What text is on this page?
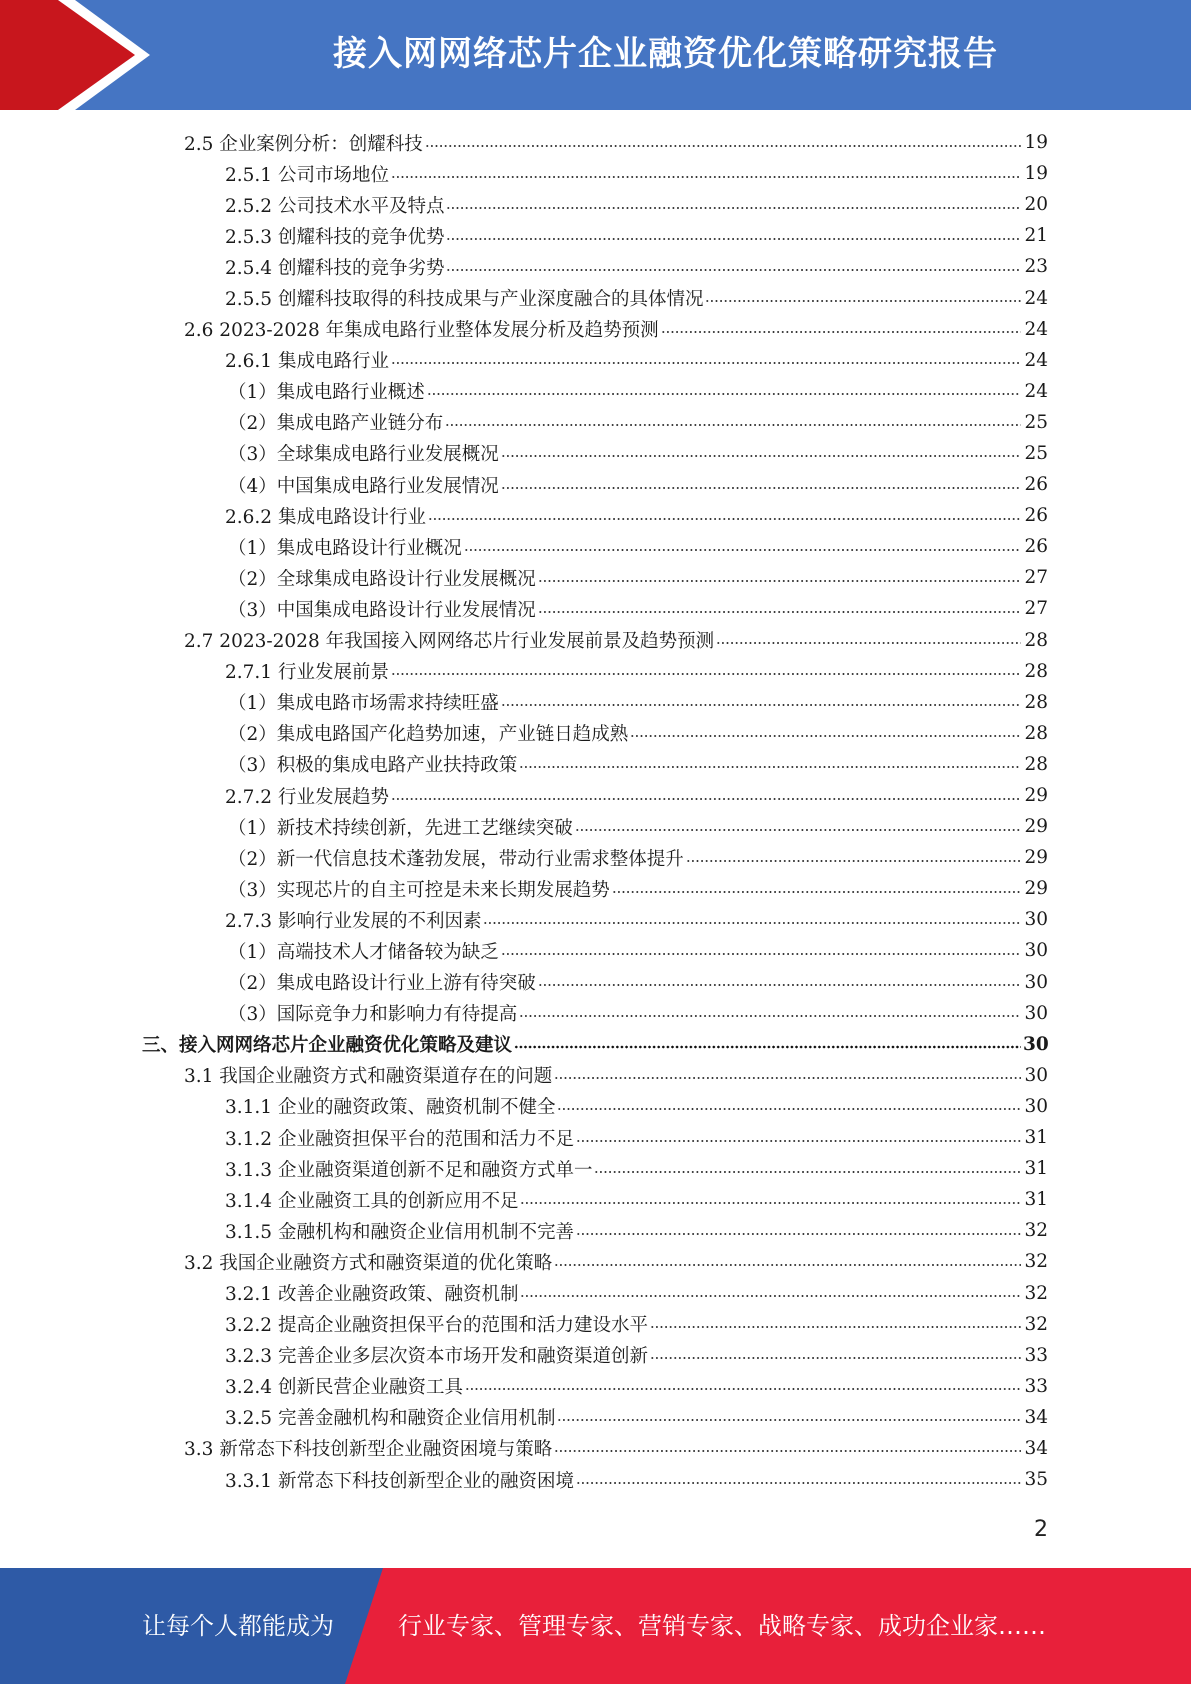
接入网网络芯片企业融资优化策略研究报告
2.5 企业案例分析：创耀科技	19
2.5.1 公司市场地位	19
2.5.2 公司技术水平及特点	20
2.5.3 创耀科技的竞争优势	21
2.5.4 创耀科技的竞争劣势	23
2.5.5 创耀科技取得的科技成果与产业深度融合的具体情况	24
2.6 2023-2028 年集成电路行业整体发展分析及趋势预测	24
2.6.1 集成电路行业	24
（1）集成电路行业概述	24
（2）集成电路产业链分布	25
（3）全球集成电路行业发展概况	25
（4）中国集成电路行业发展情况	26
2.6.2 集成电路设计行业	26
（1）集成电路设计行业概况	26
（2）全球集成电路设计行业发展概况	27
（3）中国集成电路设计行业发展情况	27
2.7 2023-2028 年我国接入网网络芯片行业发展前景及趋势预测	28
2.7.1 行业发展前景	28
（1）集成电路市场需求持续旺盛	28
（2）集成电路国产化趋势加速，产业链日趋成熟	28
（3）积极的集成电路产业扶持政策	28
2.7.2 行业发展趋势	29
（1）新技术持续创新，先进工艺继续突破	29
（2）新一代信息技术蓬勃发展，带动行业需求整体提升	29
（3）实现芯片的自主可控是未来长期发展趋势	29
2.7.3 影响行业发展的不利因素	30
（1）高端技术人才储备较为缺乏	30
（2）集成电路设计行业上游有待突破	30
（3）国际竞争力和影响力有待提高	30
三、接入网网络芯片企业融资优化策略及建议	30
3.1 我国企业融资方式和融资渠道存在的问题	30
3.1.1 企业的融资政策、融资机制不健全	30
3.1.2 企业融资担保平台的范围和活力不足	31
3.1.3 企业融资渠道创新不足和融资方式单一	31
3.1.4 企业融资工具的创新应用不足	31
3.1.5 金融机构和融资企业信用机制不完善	32
3.2 我国企业融资方式和融资渠道的优化策略	32
3.2.1 改善企业融资政策、融资机制	32
3.2.2 提高企业融资担保平台的范围和活力建设水平	32
3.2.3 完善企业多层次资本市场开发和融资渠道创新	33
3.2.4 创新民营企业融资工具	33
3.2.5 完善金融机构和融资企业信用机制	34
3.3 新常态下科技创新型企业融资困境与策略	34
3.3.1 新常态下科技创新型企业的融资困境	35
2
让每个人都能成为	行业专家、管理专家、营销专家、战略专家、成功企业家……
